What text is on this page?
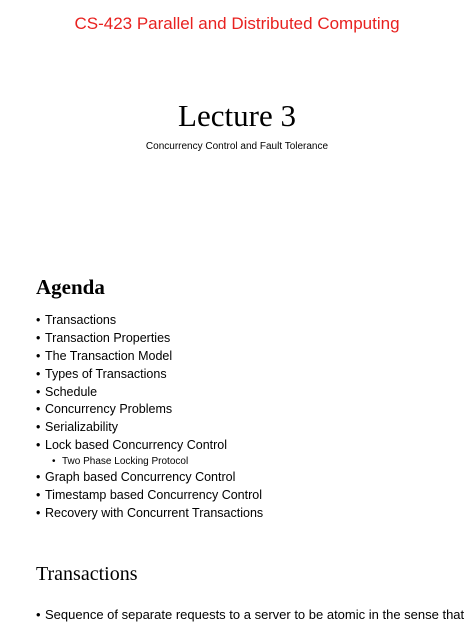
CS-423 Parallel and Distributed Computing
Lecture 3
Concurrency Control and Fault Tolerance
Agenda
• Transactions
• Transaction Properties
• The Transaction Model
• Types of Transactions
• Schedule
• Concurrency Problems
• Serializability
• Lock based Concurrency Control
• Two Phase Locking Protocol
• Graph based Concurrency Control
• Timestamp based Concurrency Control
• Recovery with Concurrent Transactions
Transactions
• Sequence of separate requests to a server to be atomic in the sense that
